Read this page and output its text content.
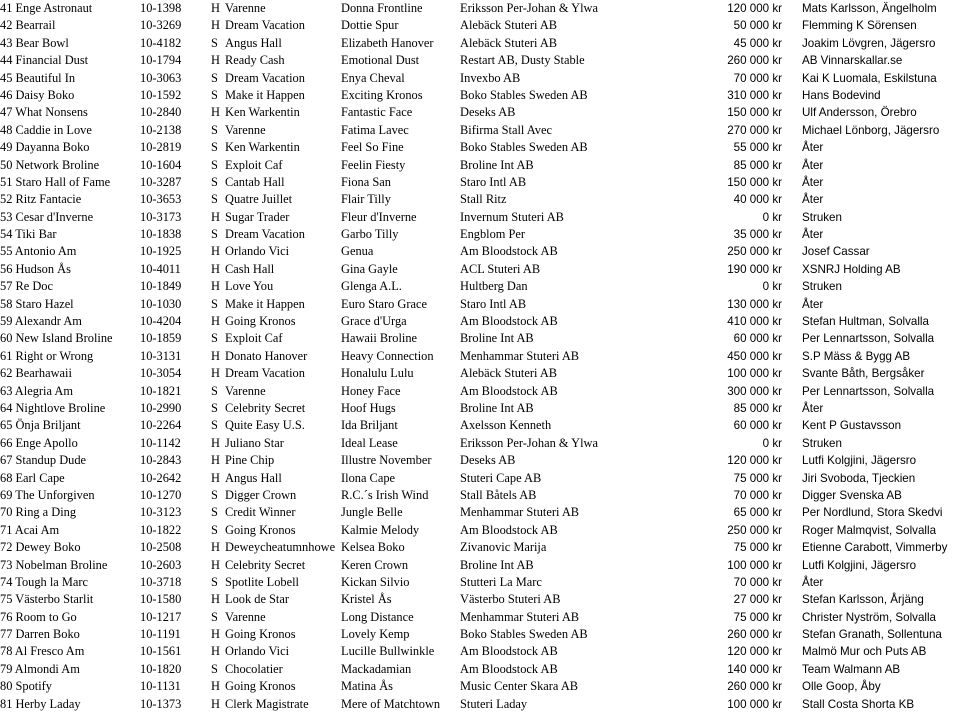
41 Enge Astronaut	10-1398	H Varenne	Donna Frontline	Eriksson Per-Johan & Ylwa	120 000 kr Mats Karlsson, Ängelholm
42 Bearrail	10-3269	H Dream Vacation	Dottie Spur	Alebäck Stuteri AB	50 000 kr Flemming K Sörensen
43 Bear Bowl	10-4182	S Angus Hall	Elizabeth Hanover	Alebäck Stuteri AB	45 000 kr Joakim Lövgren, Jägersro
44 Financial Dust	10-1794	H Ready Cash	Emotional Dust	Restart AB, Dusty Stable	260 000 kr AB Vinnarskallar.se
45 Beautiful In	10-3063	S Dream Vacation	Enya Cheval	Invexbo AB	70 000 kr Kai K Luomala, Eskilstuna
46 Daisy Boko	10-1592	S Make it Happen	Exciting Kronos	Boko Stables Sweden AB	310 000 kr Hans Bodevind
47 What Nonsens	10-2840	H Ken Warkentin	Fantastic Face	Deseks AB	150 000 kr Ulf Andersson, Örebro
48 Caddie in Love	10-2138	S Varenne	Fatima Lavec	Bifirma Stall Avec	270 000 kr Michael Lönborg, Jägersro
49 Dayanna Boko	10-2819	S Ken Warkentin	Feel So Fine	Boko Stables Sweden AB	55 000 kr Åter
50 Network Broline	10-1604	S Exploit Caf	Feelin Fiesty	Broline Int AB	85 000 kr Åter
51 Staro Hall of Fame	10-3287	S Cantab Hall	Fiona San	Staro Intl AB	150 000 kr Åter
52 Ritz Fantacie	10-3653	S Quatre Juillet	Flair Tilly	Stall Ritz	40 000 kr Åter
53 Cesar d'Inverne	10-3173	H Sugar Trader	Fleur d'Inverne	Invernum Stuteri AB	0 kr Struken
54 Tiki Bar	10-1838	S Dream Vacation	Garbo Tilly	Engblom Per	35 000 kr Åter
55 Antonio Am	10-1925	H Orlando Vici	Genua	Am Bloodstock AB	250 000 kr Josef Cassar
56 Hudson Ås	10-4011	H Cash Hall	Gina Gayle	ACL Stuteri AB	190 000 kr XSNRJ Holding AB
57 Re Doc	10-1849	H Love You	Glenga A.L.	Hultberg Dan	0 kr Struken
58 Staro Hazel	10-1030	S Make it Happen	Euro Staro Grace	Staro Intl AB	130 000 kr Åter
59 Alexandr Am	10-4204	H Going Kronos	Grace d'Urga	Am Bloodstock AB	410 000 kr Stefan Hultman, Solvalla
60 New Island Broline	10-1859	S Exploit Caf	Hawaii Broline	Broline Int AB	60 000 kr Per Lennartsson, Solvalla
61 Right or Wrong	10-3131	H Donato Hanover	Heavy Connection	Menhammar Stuteri AB	450 000 kr S.P Mäss & Bygg AB
62 Bearhawaii	10-3054	H Dream Vacation	Honalulu Lulu	Alebäck Stuteri AB	100 000 kr Svante Båth, Bergsåker
63 Alegria Am	10-1821	S Varenne	Honey Face	Am Bloodstock AB	300 000 kr Per Lennartsson, Solvalla
64 Nightlove Broline	10-2990	S Celebrity Secret	Hoof Hugs	Broline Int AB	85 000 kr Åter
65 Önja Briljant	10-2264	S Quite Easy U.S.	Ida Briljant	Axelsson Kenneth	60 000 kr Kent P Gustavsson
66 Enge Apollo	10-1142	H Juliano Star	Ideal Lease	Eriksson Per-Johan & Ylwa	0 kr Struken
67 Standup Dude	10-2843	H Pine Chip	Illustre November	Deseks AB	120 000 kr Lutfi Kolgjini, Jägersro
68 Earl Cape	10-2642	H Angus Hall	Ilona Cape	Stuteri Cape AB	75 000 kr Jiri Svoboda, Tjeckien
69 The Unforgiven	10-1270	S Digger Crown	R.C.´s Irish Wind	Stall Båtels AB	70 000 kr Digger Svenska AB
70 Ring a Ding	10-3123	S Credit Winner	Jungle Belle	Menhammar Stuteri AB	65 000 kr Per Nordlund, Stora Skedvi
71 Acai Am	10-1822	S Going Kronos	Kalmie Melody	Am Bloodstock AB	250 000 kr Roger Malmqvist, Solvalla
72 Dewey Boko	10-2508	H Deweycheatumnhowe Kelsea Boko	Zivanovic Marija	75 000 kr Etienne Carabott, Vimmerby
73 Nobelman Broline	10-2603	H Celebrity Secret	Keren Crown	Broline Int AB	100 000 kr Lutfi Kolgjini, Jägersro
74 Tough la Marc	10-3718	S Spotlite Lobell	Kickan Silvio	Stutteri La Marc	70 000 kr Åter
75 Västerbo Starlit	10-1580	H Look de Star	Kristel Ås	Västerbo Stuteri AB	27 000 kr Stefan Karlsson, Årjäng
76 Room to Go	10-1217	S Varenne	Long Distance	Menhammar Stuteri AB	75 000 kr Christer Nyström, Solvalla
77 Darren Boko	10-1191	H Going Kronos	Lovely Kemp	Boko Stables Sweden AB	260 000 kr Stefan Granath, Sollentuna
78 Al Fresco Am	10-1561	H Orlando Vici	Lucille Bullwinkle	Am Bloodstock AB	120 000 kr Malmö Mur och Puts AB
79 Almondi Am	10-1820	S Chocolatier	Mackadamian	Am Bloodstock AB	140 000 kr Team Walmann AB
80 Spotify	10-1131	H Going Kronos	Matina Ås	Music Center Skara AB	260 000 kr Olle Goop, Åby
81 Herby Laday	10-1373	H Clerk Magistrate	Mere of Matchtown	Stuteri Laday	100 000 kr Stall Costa Shorta KB
